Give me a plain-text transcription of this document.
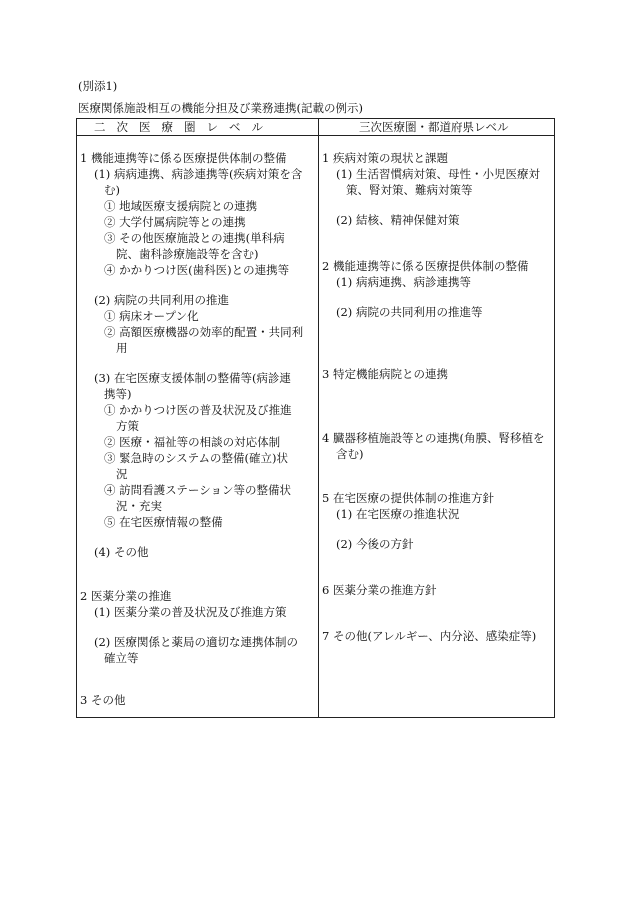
(別添1)
医療関係施設相互の機能分担及び業務連携(記載の例示)
二次医療圏レベル	三次医療圏・都道府県レベル
1 機能連携等に係る医療提供体制の整備
(1) 病病連携、病診連携等(疾病対策を含
む)
① 地域医療支援病院との連携
② 大学付属病院等との連携
③ その他医療施設との連携(単科病
院、歯科診療施設等を含む)
④ かかりつけ医(歯科医)との連携等
(2) 病院の共同利用の推進
① 病床オープン化
② 高額医療機器の効率的配置・共同利
用
(3) 在宅医療支援体制の整備等(病診連
携等)
① かかりつけ医の普及状況及び推進
方策
② 医療・福祉等の相談の対応体制
③ 緊急時のシステムの整備(確立)状
況
④ 訪問看護ステーション等の整備状
況・充実
⑤ 在宅医療情報の整備
(4) その他
2 医薬分業の推進
(1) 医薬分業の普及状況及び推進方策
(2) 医療関係と薬局の適切な連携体制の
確立等
3 その他
1 疾病対策の現状と課題
(1) 生活習慣病対策、母性・小児医療対
策、腎対策、難病対策等
(2) 結核、精神保健対策
2 機能連携等に係る医療提供体制の整備
(1) 病病連携、病診連携等
(2) 病院の共同利用の推進等
3 特定機能病院との連携
4 臓器移植施設等との連携(角膜、腎移植を
含む)
5 在宅医療の提供体制の推進方針
(1) 在宅医療の推進状況
(2) 今後の方針
6 医薬分業の推進方針
7 その他(アレルギー、内分泌、感染症等)
